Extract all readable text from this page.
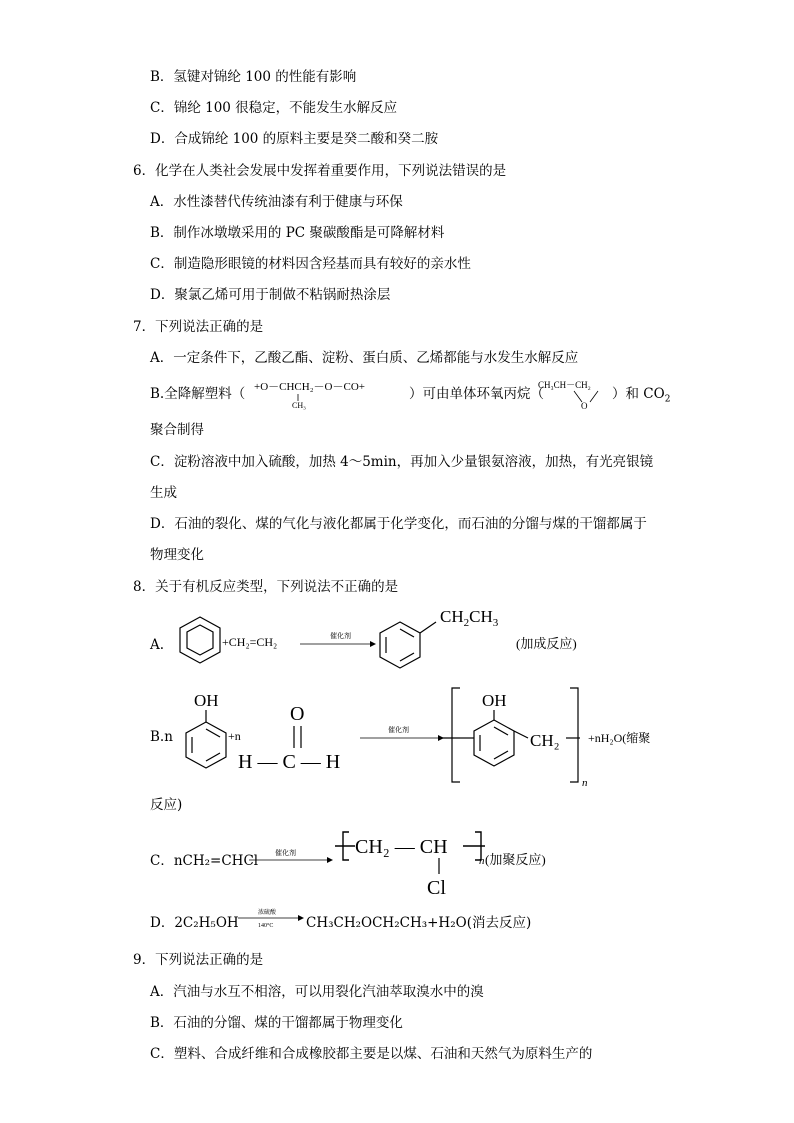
B．氢键对锦纶 100 的性能有影响
C．锦纶 100 很稳定，不能发生水解反应
D．合成锦纶 100 的原料主要是癸二酸和癸二胺
6．化学在人类社会发展中发挥着重要作用，下列说法错误的是
A．水性漆替代传统油漆有利于健康与环保
B．制作冰墩墩采用的 PC 聚碳酸酯是可降解材料
C．制造隐形眼镜的材料因含羟基而具有较好的亲水性
D．聚氯乙烯可用于制做不粘锅耐热涂层
7．下列说法正确的是
A．一定条件下，乙酸乙酯、淀粉、蛋白质、乙烯都能与水发生水解反应
B.全降解塑料（ +O－CHCH₂－O－CO+
CH₃
）可由单体环氧丙烷（
CH₃CH－CH₂
O
）和 $CO_2$
聚合制得
C．淀粉溶液中加入硫酸，加热 4～5min，再加入少量银氨溶液，加热，有光亮银镜
生成
D．石油的裂化、煤的气化与液化都属于化学变化，而石油的分馏与煤的干馏都属于
物理变化
8．关于有机反应类型，下列说法不正确的是
A.	+CH₂=CH₂	催化剂
$CH_2CH_3$
(加成反应)
B.n
OH
+n
O
H — C — H
催化剂
OH
CH₂
n
+nH₂O(缩聚
反应)
C．nCH₂=CHCl 催化剂	CH₂ — CH
Cl
n (加聚反应)
D．2C₂H₅OH
浓硫酸
140°C CH₃CH₂OCH₂CH₃+H₂O(消去反应)
9．下列说法正确的是
A．汽油与水互不相溶，可以用裂化汽油萃取溴水中的溴
B．石油的分馏、煤的干馏都属于物理变化
C．塑料、合成纤维和合成橡胶都主要是以煤、石油和天然气为原料生产的
